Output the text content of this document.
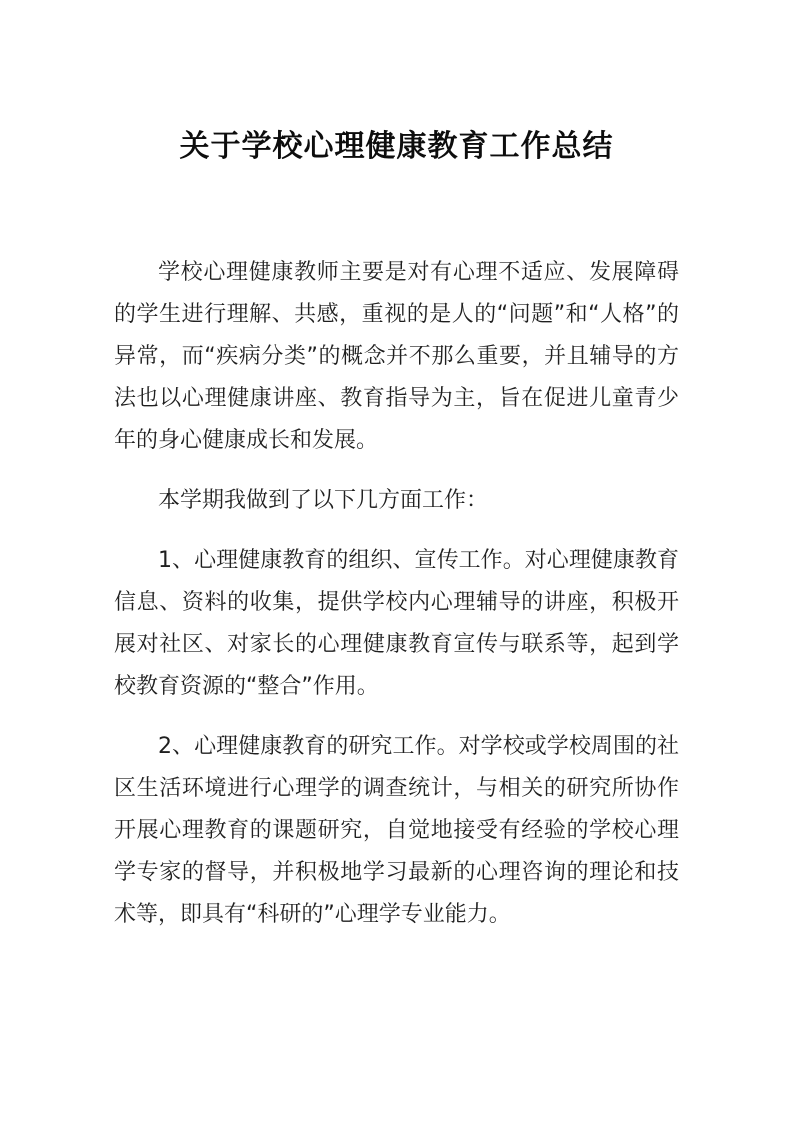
关于学校心理健康教育工作总结

学校心理健康教师主要是对有心理不适应、发展障碍的学生进行理解、共感，重视的是人的“问题”和“人格”的异常，而“疾病分类”的概念并不那么重要，并且辅导的方法也以心理健康讲座、教育指导为主，旨在促进儿童青少年的身心健康成长和发展。

本学期我做到了以下几方面工作：

1、心理健康教育的组织、宣传工作。对心理健康教育信息、资料的收集，提供学校内心理辅导的讲座，积极开展对社区、对家长的心理健康教育宣传与联系等，起到学校教育资源的“整合”作用。

2、心理健康教育的研究工作。对学校或学校周围的社区生活环境进行心理学的调查统计，与相关的研究所协作开展心理教育的课题研究，自觉地接受有经验的学校心理学专家的督导，并积极地学习最新的心理咨询的理论和技术等，即具有“科研的”心理学专业能力。
